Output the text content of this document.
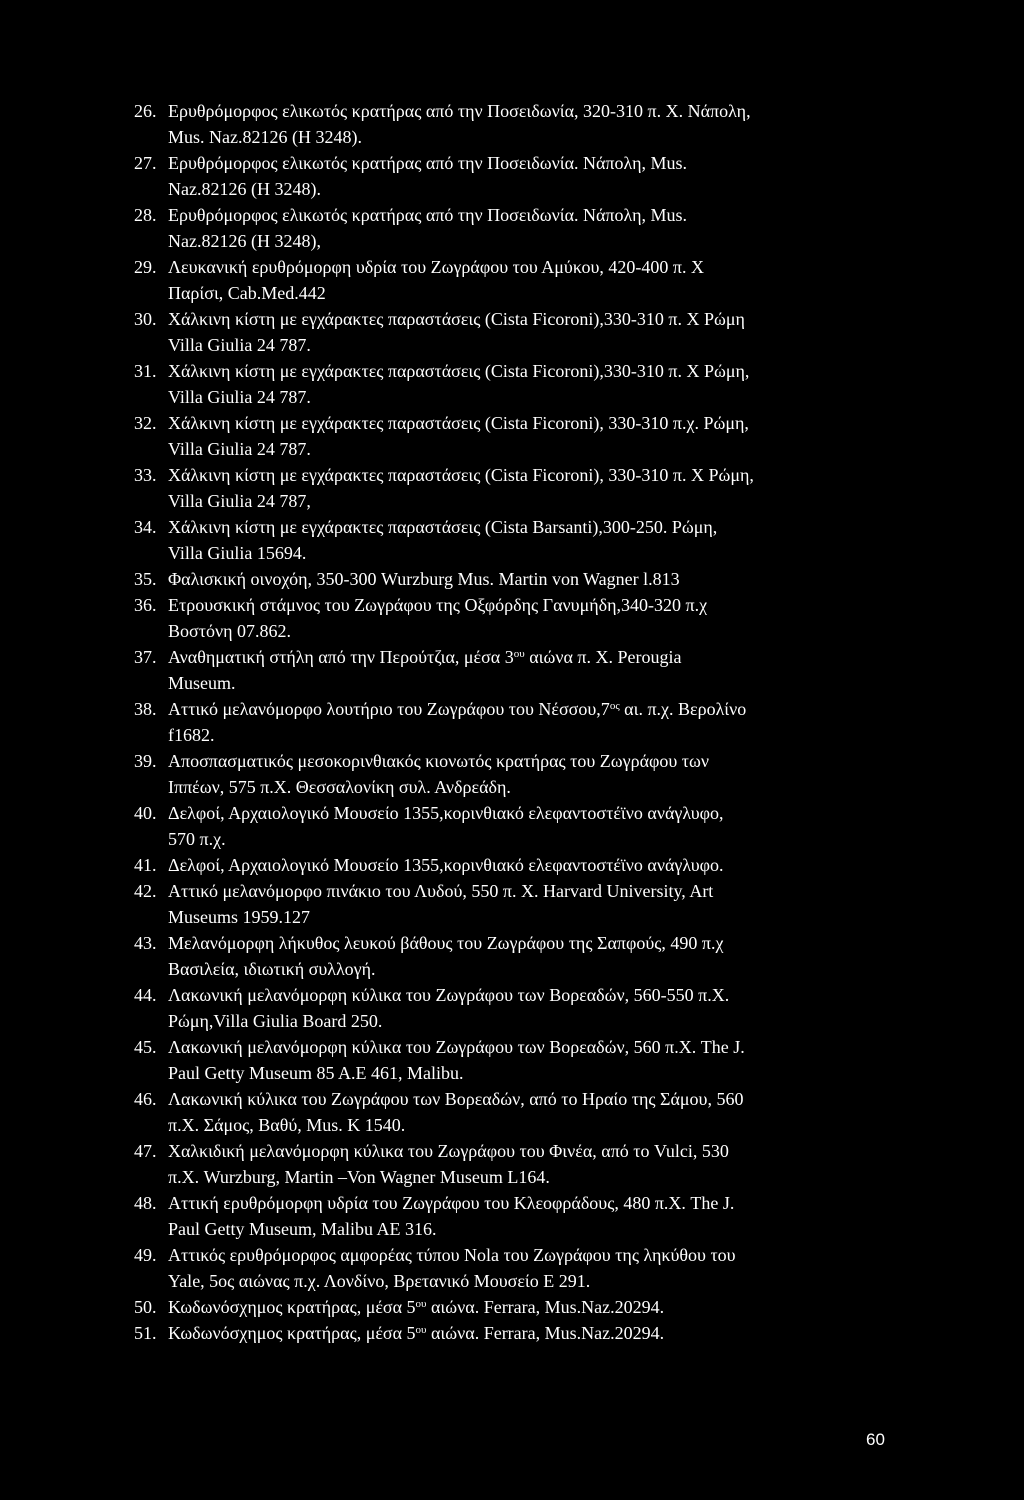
26. Ερυθρόμορφος ελικωτός κρατήρας από την Ποσειδωνία, 320-310 π. Χ. Νάπολη,
Mus. Naz.82126 (H 3248).
27. Ερυθρόμορφος ελικωτός κρατήρας από την Ποσειδωνία. Νάπολη, Mus.
Naz.82126 (H 3248).
28. Ερυθρόμορφος ελικωτός κρατήρας από την Ποσειδωνία. Νάπολη, Mus.
Naz.82126 (H 3248),
29. Λευκανική ερυθρόμορφη υδρία του Ζωγράφου του Αμύκου, 420-400 π. Χ
Παρίσι, Cab.Med.442
30. Χάλκινη κίστη με εγχάρακτες παραστάσεις (Cista Ficoroni),330-310 π. Χ Ρώμη
Villa Giulia 24 787.
31. Χάλκινη κίστη με εγχάρακτες παραστάσεις (Cista Ficoroni),330-310 π. Χ Ρώμη,
Villa Giulia 24 787.
32. Χάλκινη κίστη με εγχάρακτες παραστάσεις (Cista Ficoroni), 330-310 π.χ. Ρώμη,
Villa Giulia 24 787.
33. Χάλκινη κίστη με εγχάρακτες παραστάσεις (Cista Ficoroni), 330-310 π. Χ Ρώμη,
Villa Giulia 24 787,
34. Χάλκινη κίστη με εγχάρακτες παραστάσεις (Cista Barsanti),300-250. Ρώμη,
Villa Giulia 15694.
35. Φαλισκική οινοχόη, 350-300 Wurzburg Mus. Martin von Wagner l.813
36. Ετρουσκική στάμνος του Ζωγράφου της Οξφόρδης Γανυμήδη,340-320 π.χ
Βοστόνη 07.862.
37. Αναθηματική στήλη από την Περούτζια, μέσα $3^{o\upsilon}$ αιώνα π. Χ. Perougia
Museum.
38. Αττικό μελανόμορφο λουτήριο του Ζωγράφου του $Nέ\sigma\sigma o\upsilon,7^{o\varsigma}$ αι. π.χ. Βερολίνο
f1682.
39. Αποσπασματικός μεσοκορινθιακός κιονωτός κρατήρας του Ζωγράφου των
Ιππέων, 575 π.Χ. Θεσσαλονίκη συλ. Ανδρεάδη.
40. Δελφοί, Αρχαιολογικό Μουσείο 1355,κορινθιακό ελεφαντοστέϊνο ανάγλυφο,
570 π.χ.
41. Δελφοί, Αρχαιολογικό Μουσείο 1355,κορινθιακό ελεφαντοστέϊνο ανάγλυφο.
42. Αττικό μελανόμορφο πινάκιο του Λυδού, 550 π. Χ. Harvard University, Art
Museums 1959.127
43. Μελανόμορφη λήκυθος λευκού βάθους του Ζωγράφου της Σαπφούς, 490 π.χ
Βασιλεία, ιδιωτική συλλογή.
44. Λακωνική μελανόμορφη κύλικα του Ζωγράφου των Βορεαδών, 560-550 π.Χ.
Ρώμη,Villa Giulia Board 250.
45. Λακωνική μελανόμορφη κύλικα του Ζωγράφου των Βορεαδών, 560 π.Χ. The J.
Paul Getty Museum 85 A.E 461, Malibu.
46. Λακωνική κύλικα του Ζωγράφου των Βορεαδών, από το Ηραίο της Σάμου, 560
π.Χ. Σάμος, Βαθύ, Mus. K 1540.
47. Χαλκιδική μελανόμορφη κύλικα του Ζωγράφου του Φινέα, από το Vulci, 530
π.Χ. Wurzburg, Martin –Von Wagner Museum L164.
48. Αττική ερυθρόμορφη υδρία του Ζωγράφου του Κλεοφράδους, 480 π.Χ. The J.
Paul Getty Museum, Malibu AE 316.
49. Αττικός ερυθρόμορφος αμφορέας τύπου Nola του Ζωγράφου της ληκύθου του
Yale, 5ος αιώνας π.χ. Λονδίνο, Βρετανικό Μουσείο E 291.
50. Κωδωνόσχημος κρατήρας, μέσα $5^{o\upsilon}$ αιώνα. Ferrara, Mus.Naz.20294.
51. Κωδωνόσχημος κρατήρας, μέσα $5^{o\upsilon}$ αιώνα. Ferrara, Mus.Naz.20294.
60
